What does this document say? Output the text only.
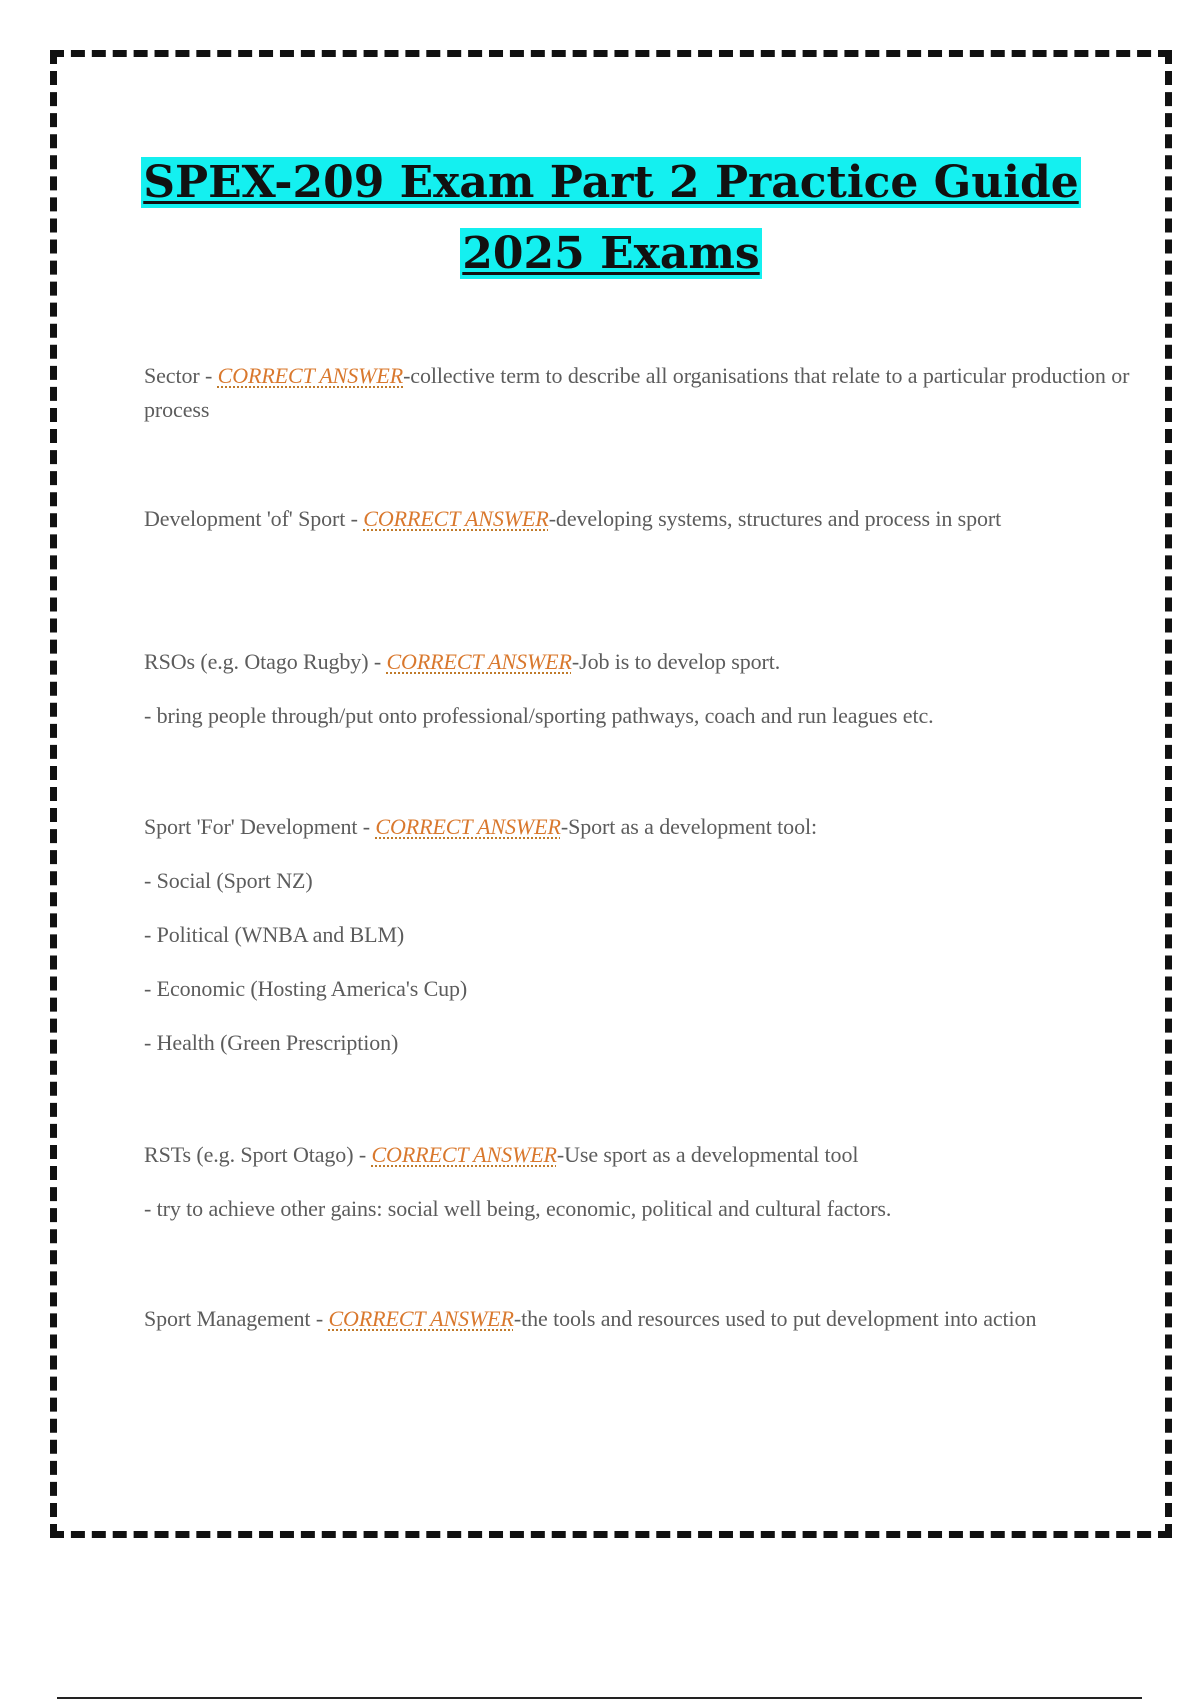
SPEX-209 Exam Part 2 Practice Guide
2025 Exams

Sector - CORRECT ANSWER-collective term to describe all organisations that relate to a particular production or process

Development 'of' Sport - CORRECT ANSWER-developing systems, structures and process in sport

RSOs (e.g. Otago Rugby) - CORRECT ANSWER-Job is to develop sport.

- bring people through/put onto professional/sporting pathways, coach and run leagues etc.

Sport 'For' Development - CORRECT ANSWER-Sport as a development tool:

- Social (Sport NZ)

- Political (WNBA and BLM)

- Economic (Hosting America's Cup)

- Health (Green Prescription)

RSTs (e.g. Sport Otago) - CORRECT ANSWER-Use sport as a developmental tool

- try to achieve other gains: social well being, economic, political and cultural factors.

Sport Management - CORRECT ANSWER-the tools and resources used to put development into action
